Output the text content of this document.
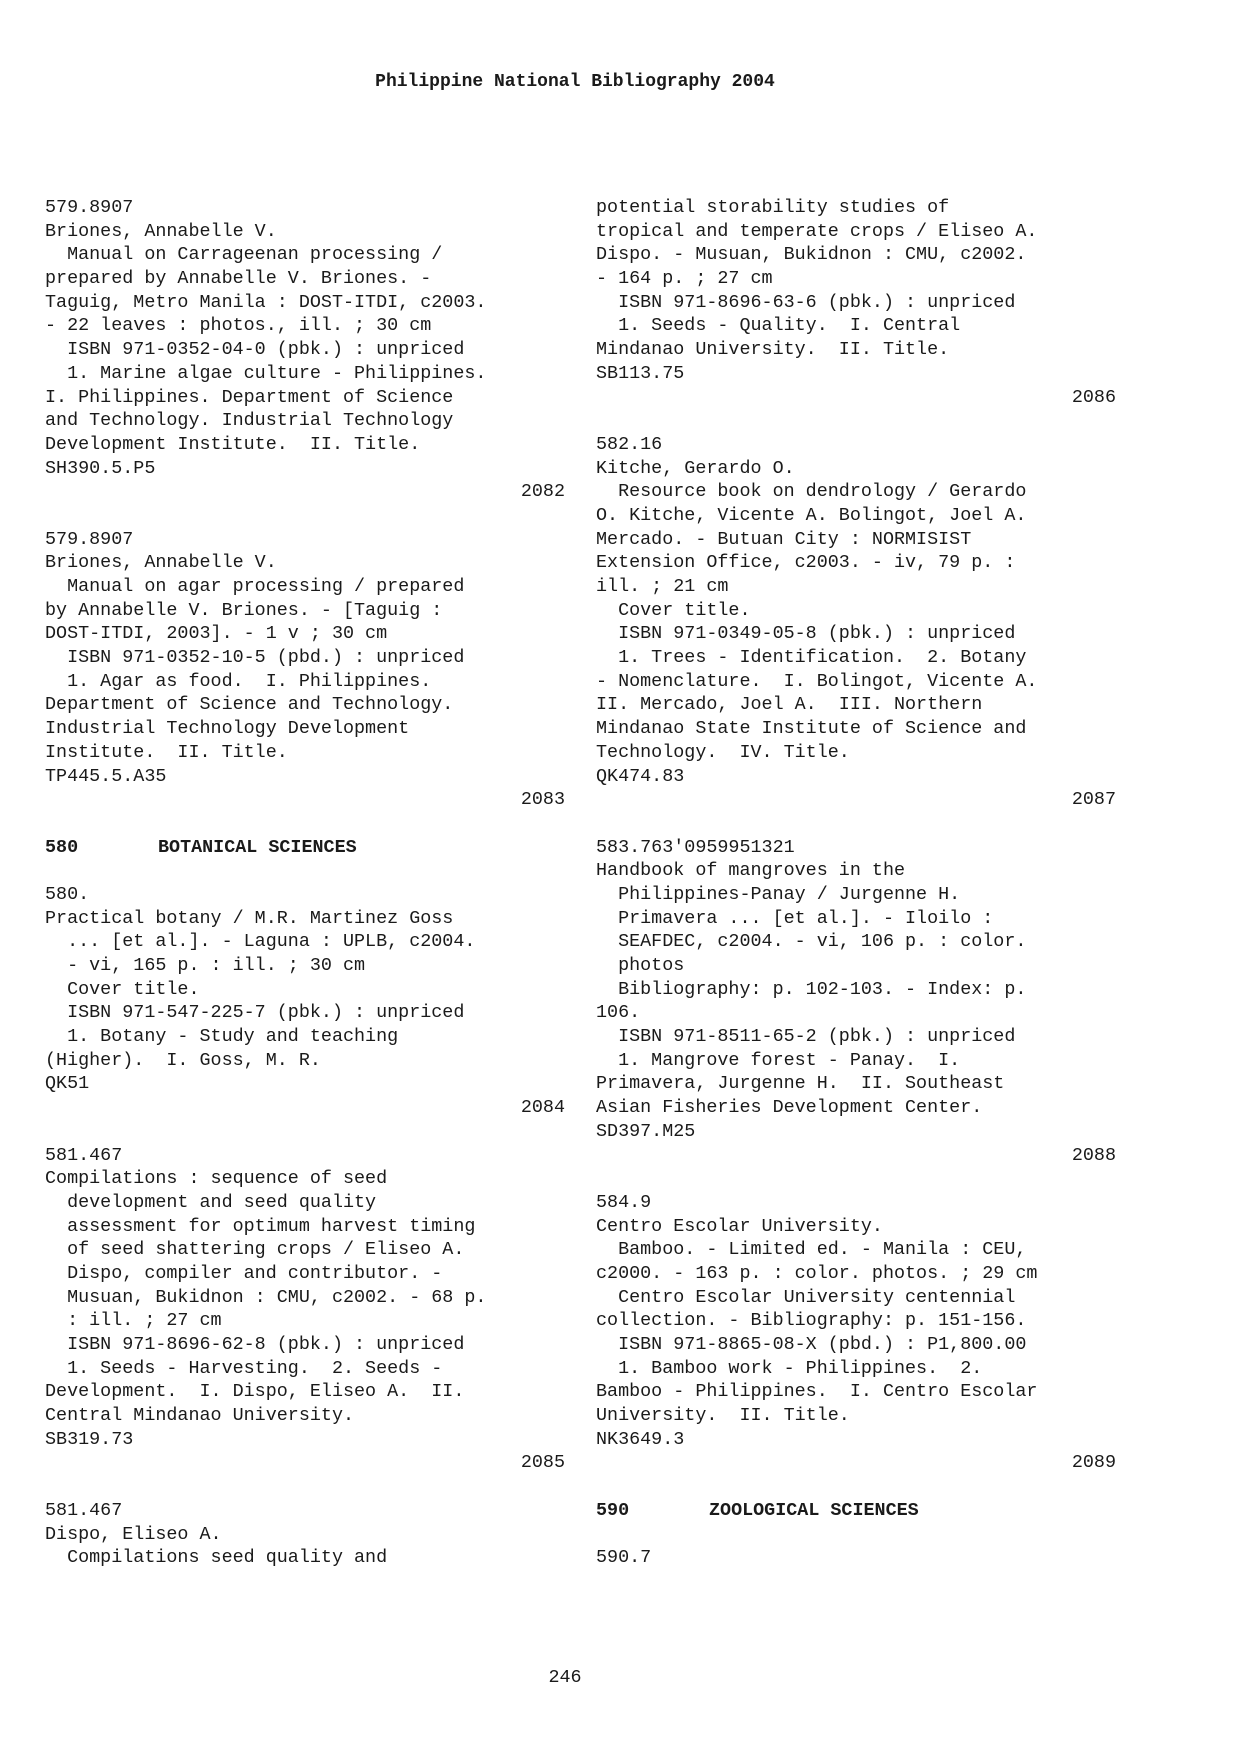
Philippine National Bibliography 2004
579.8907
Briones, Annabelle V.
Manual on Carrageenan processing /
prepared by Annabelle V. Briones. -
Taguig, Metro Manila : DOST-ITDI, c2003.
- 22 leaves : photos., ill. ; 30 cm
ISBN 971-0352-04-0 (pbk.) : unpriced
1. Marine algae culture - Philippines.
I. Philippines. Department of Science
and Technology. Industrial Technology
Development Institute.  II. Title.
SH390.5.P5
2082
579.8907
Briones, Annabelle V.
Manual on agar processing / prepared
by Annabelle V. Briones. - [Taguig :
DOST-ITDI, 2003]. - 1 v ; 30 cm
ISBN 971-0352-10-5 (pbd.) : unpriced
1. Agar as food.  I. Philippines.
Department of Science and Technology.
Industrial Technology Development
Institute.  II. Title.
TP445.5.A35
2083
580	BOTANICAL SCIENCES
580.
Practical botany / M.R. Martinez Goss
... [et al.]. - Laguna : UPLB, c2004.
- vi, 165 p. : ill. ; 30 cm
Cover title.
ISBN 971-547-225-7 (pbk.) : unpriced
1. Botany - Study and teaching
(Higher).  I. Goss, M. R.
QK51
2084
581.467
Compilations : sequence of seed
development and seed quality
assessment for optimum harvest timing
of seed shattering crops / Eliseo A.
Dispo, compiler and contributor. -
Musuan, Bukidnon : CMU, c2002. - 68 p.
: ill. ; 27 cm
ISBN 971-8696-62-8 (pbk.) : unpriced
1. Seeds - Harvesting.  2. Seeds -
Development.  I. Dispo, Eliseo A.  II.
Central Mindanao University.
SB319.73
2085
581.467
Dispo, Eliseo A.
Compilations seed quality and
potential storability studies of
tropical and temperate crops / Eliseo A.
Dispo. - Musuan, Bukidnon : CMU, c2002.
- 164 p. ; 27 cm
ISBN 971-8696-63-6 (pbk.) : unpriced
1. Seeds - Quality.  I. Central
Mindanao University.  II. Title.
SB113.75
2086
582.16
Kitche, Gerardo O.
Resource book on dendrology / Gerardo
O. Kitche, Vicente A. Bolingot, Joel A.
Mercado. - Butuan City : NORMISIST
Extension Office, c2003. - iv, 79 p. :
ill. ; 21 cm
Cover title.
ISBN 971-0349-05-8 (pbk.) : unpriced
1. Trees - Identification.  2. Botany
- Nomenclature.  I. Bolingot, Vicente A.
II. Mercado, Joel A.  III. Northern
Mindanao State Institute of Science and
Technology.  IV. Title.
QK474.83
2087
583.763'0959951321
Handbook of mangroves in the
Philippines-Panay / Jurgenne H.
Primavera ... [et al.]. - Iloilo :
SEAFDEC, c2004. - vi, 106 p. : color.
photos
Bibliography: p. 102-103. - Index: p.
106.
ISBN 971-8511-65-2 (pbk.) : unpriced
1. Mangrove forest - Panay.  I.
Primavera, Jurgenne H.  II. Southeast
Asian Fisheries Development Center.
SD397.M25
2088
584.9
Centro Escolar University.
Bamboo. - Limited ed. - Manila : CEU,
c2000. - 163 p. : color. photos. ; 29 cm
Centro Escolar University centennial
collection. - Bibliography: p. 151-156.
ISBN 971-8865-08-X (pbd.) : P1,800.00
1. Bamboo work - Philippines.  2.
Bamboo - Philippines.  I. Centro Escolar
University.  II. Title.
NK3649.3
2089
590	ZOOLOGICAL SCIENCES
590.7
246
